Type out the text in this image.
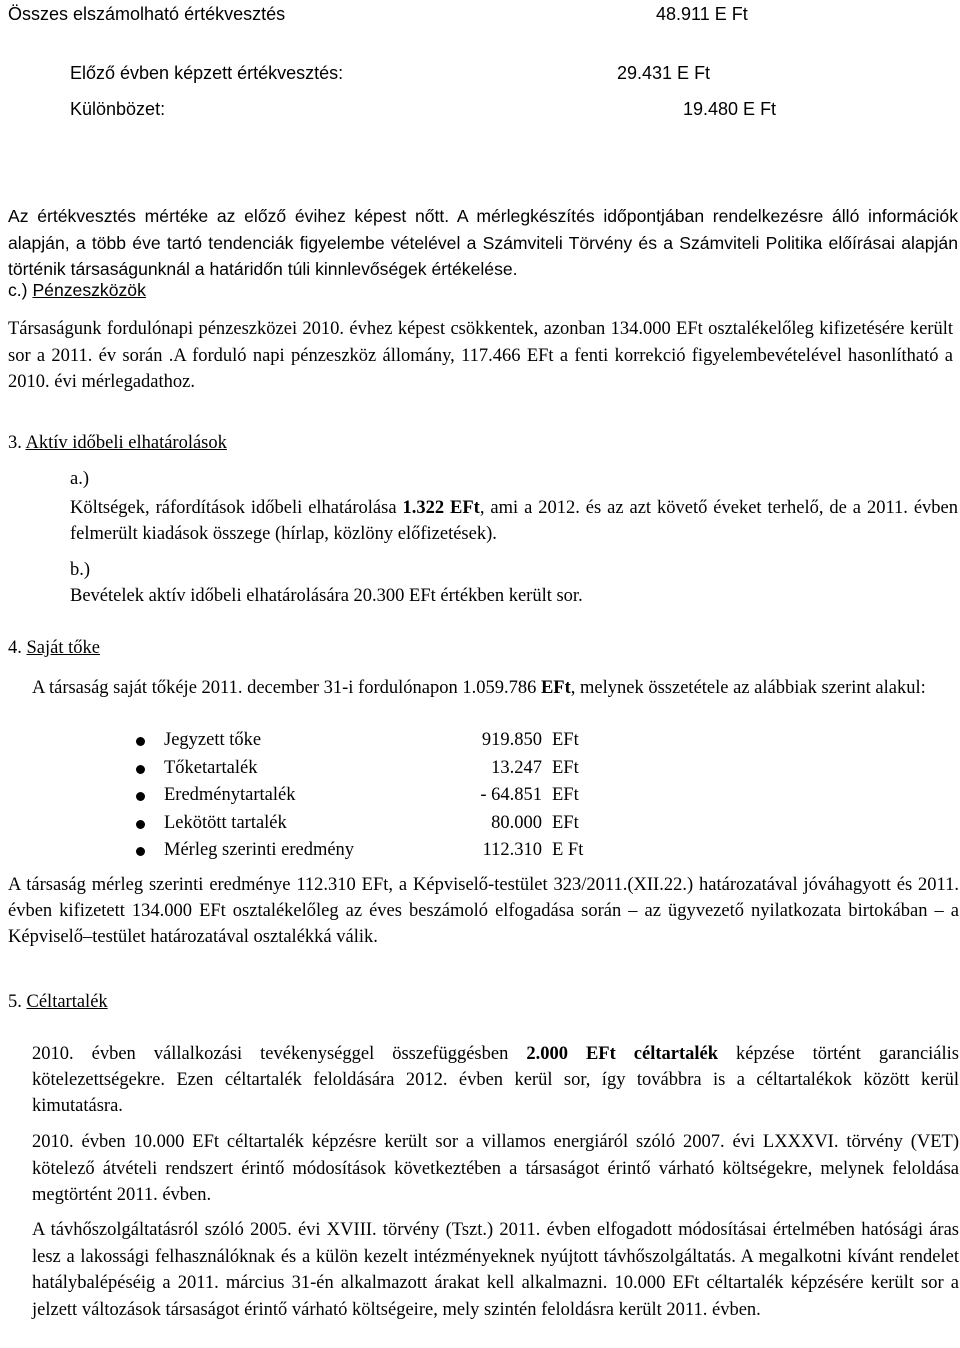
Összes elszámolható értékvesztés	48.911 E Ft
Előző évben képzett értékvesztés:	29.431 E Ft
Különbözet:	19.480 E Ft
Az értékvesztés mértéke az előző évihez képest nőtt. A mérlegkészítés időpontjában rendelkezésre álló információk alapján, a több éve tartó tendenciák figyelembe vételével a Számviteli Törvény és a Számviteli Politika előírásai alapján történik társaságunknál a határidőn túli kinnlevőségek értékelése.
c.) Pénzeszközök
Társaságunk fordulónapi pénzeszközei 2010. évhez képest csökkentek, azonban 134.000 EFt osztalékelőleg kifizetésére került sor a 2011. év során .A forduló napi pénzeszköz állomány, 117.466 EFt a fenti korrekció figyelembevételével hasonlítható a 2010. évi mérlegadathoz.
3. Aktív időbeli elhatárolások
a.)
Költségek, ráfordítások időbeli elhatárolása 1.322 EFt, ami a 2012. és az azt követő éveket terhelő, de a 2011. évben felmerült kiadások összege (hírlap, közlöny előfizetések).
b.)
Bevételek aktív időbeli elhatárolására 20.300 EFt értékben került sor.
4. Saját tőke
A társaság saját tőkéje 2011. december 31-i fordulónapon 1.059.786 EFt, melynek összetétele az alábbiak szerint alakul:
Jegyzett tőke	919.850 EFt
Tőketartalék	13.247 EFt
Eredménytartalék	- 64.851 EFt
Lekötött tartalék	80.000 EFt
Mérleg szerinti eredmény	112.310 E Ft
A társaság mérleg szerinti eredménye 112.310 EFt, a Képviselő-testület 323/2011.(XII.22.) határozatával jóváhagyott és 2011. évben kifizetett 134.000 EFt osztalékelőleg az éves beszámoló elfogadása során – az ügyvezető nyilatkozata birtokában – a Képviselő–testület határozatával osztalékká válik.
5. Céltartalék
2010. évben vállalkozási tevékenységgel összefüggésben 2.000 EFt céltartalék képzése történt garanciális kötelezettségekre. Ezen céltartalék feloldására 2012. évben kerül sor, így továbbra is a céltartalékok között kerül kimutatásra.
2010. évben 10.000 EFt céltartalék képzésre került sor a villamos energiáról szóló 2007. évi LXXXVI. törvény (VET) kötelező átvételi rendszert érintő módosítások következtében a társaságot érintő várható költségekre, melynek feloldása megtörtént 2011. évben.
A távhőszolgáltatásról szóló 2005. évi XVIII. törvény (Tszt.) 2011. évben elfogadott módosításai értelmében hatósági áras lesz a lakossági felhasználóknak és a külön kezelt intézményeknek nyújtott távhőszolgáltatás. A megalkotni kívánt rendelet hatálybalépéséig a 2011. március 31-én alkalmazott árakat kell alkalmazni. 10.000 EFt céltartalék képzésére került sor a jelzett változások társaságot érintő várható költségeire, mely szintén feloldásra került 2011. évben.
